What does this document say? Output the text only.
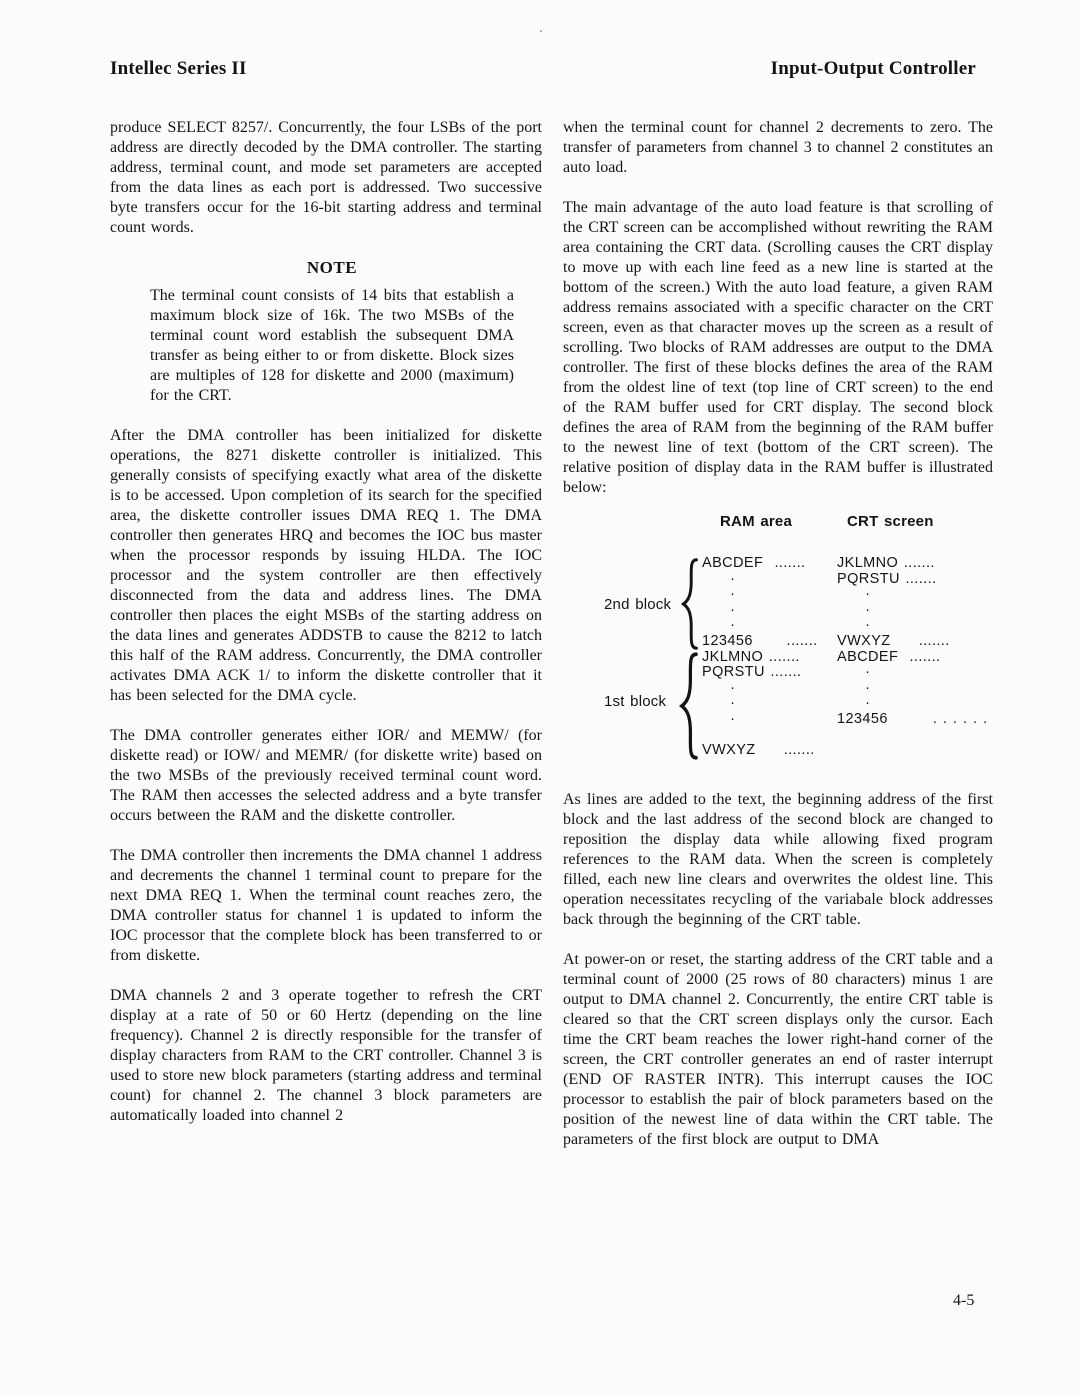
Intellec Series II	Input-Output Controller

produce SELECT 8257/. Concurrently, the four LSBs of the port address are directly decoded by the DMA controller. The starting address, terminal count, and mode set parameters are accepted from the data lines as each port is addressed. Two successive byte transfers occur for the 16-bit starting address and terminal count words.

NOTE

The terminal count consists of 14 bits that establish a maximum block size of 16k. The two MSBs of the terminal count word establish the subsequent DMA transfer as being either to or from diskette. Block sizes are multiples of 128 for diskette and 2000 (maximum) for the CRT.

After the DMA controller has been initialized for diskette operations, the 8271 diskette controller is initialized. This generally consists of specifying exactly what area of the diskette is to be accessed. Upon completion of its search for the specified area, the diskette controller issues DMA REQ 1. The DMA controller then generates HRQ and becomes the IOC bus master when the processor responds by issuing HLDA. The IOC processor and the system controller are then effectively disconnected from the data and address lines. The DMA controller then places the eight MSBs of the starting address on the data lines and generates ADDSTB to cause the 8212 to latch this half of the RAM address. Concurrently, the DMA controller activates DMA ACK 1/ to inform the diskette controller that it has been selected for the DMA cycle.

The DMA controller generates either IOR/ and MEMW/ (for diskette read) or IOW/ and MEMR/ (for diskette write) based on the two MSBs of the previously received terminal count word. The RAM then accesses the selected address and a byte transfer occurs between the RAM and the diskette controller.

The DMA controller then increments the DMA channel 1 address and decrements the channel 1 terminal count to prepare for the next DMA REQ 1. When the terminal count reaches zero, the DMA controller status for channel 1 is updated to inform the IOC processor that the complete block has been transferred to or from diskette.

DMA channels 2 and 3 operate together to refresh the CRT display at a rate of 50 or 60 Hertz (depending on the line frequency). Channel 2 is directly responsible for the transfer of display characters from RAM to the CRT controller. Channel 3 is used to store new block parameters (starting address and terminal count) for channel 2. The channel 3 block parameters are automatically loaded into channel 2

when the terminal count for channel 2 decrements to zero. The transfer of parameters from channel 3 to channel 2 constitutes an auto load.

The main advantage of the auto load feature is that scrolling of the CRT screen can be accomplished without rewriting the RAM area containing the CRT data. (Scrolling causes the CRT display to move up with each line feed as a new line is started at the bottom of the screen.) With the auto load feature, a given RAM address remains associated with a specific character on the CRT screen, even as that character moves up the screen as a result of scrolling. Two blocks of RAM addresses are output to the DMA controller. The first of these blocks defines the area of the RAM from the oldest line of text (top line of CRT screen) to the end of the RAM buffer used for CRT display. The second block defines the area of RAM from the beginning of the RAM buffer to the newest line of text (bottom of the CRT screen). The relative position of display data in the RAM buffer is illustrated below:

RAM area	CRT screen
2nd block
1st block
ABCDEF  .......
·
·
·
·
123456      .......
JKLMNO .......
PQRSTU .......
·
·
·
VWXYZ     .......
JKLMNO .......
PQRSTU .......
·
·
·
VWXYZ     .......
ABCDEF  .......
·
·
·
123456        . . . . . .

As lines are added to the text, the beginning address of the first block and the last address of the second block are changed to reposition the display data while allowing fixed program references to the RAM data. When the screen is completely filled, each new line clears and overwrites the oldest line. This operation necessitates recycling of the variabale block addresses back through the beginning of the CRT table.

At power-on or reset, the starting address of the CRT table and a terminal count of 2000 (25 rows of 80 characters) minus 1 are output to DMA channel 2. Concurrently, the entire CRT table is cleared so that the CRT screen displays only the cursor. Each time the CRT beam reaches the lower right-hand corner of the screen, the CRT controller generates an end of raster interrupt (END OF RASTER INTR). This interrupt causes the IOC processor to establish the pair of block parameters based on the position of the newest line of data within the CRT table. The parameters of the first block are output to DMA

4-5
